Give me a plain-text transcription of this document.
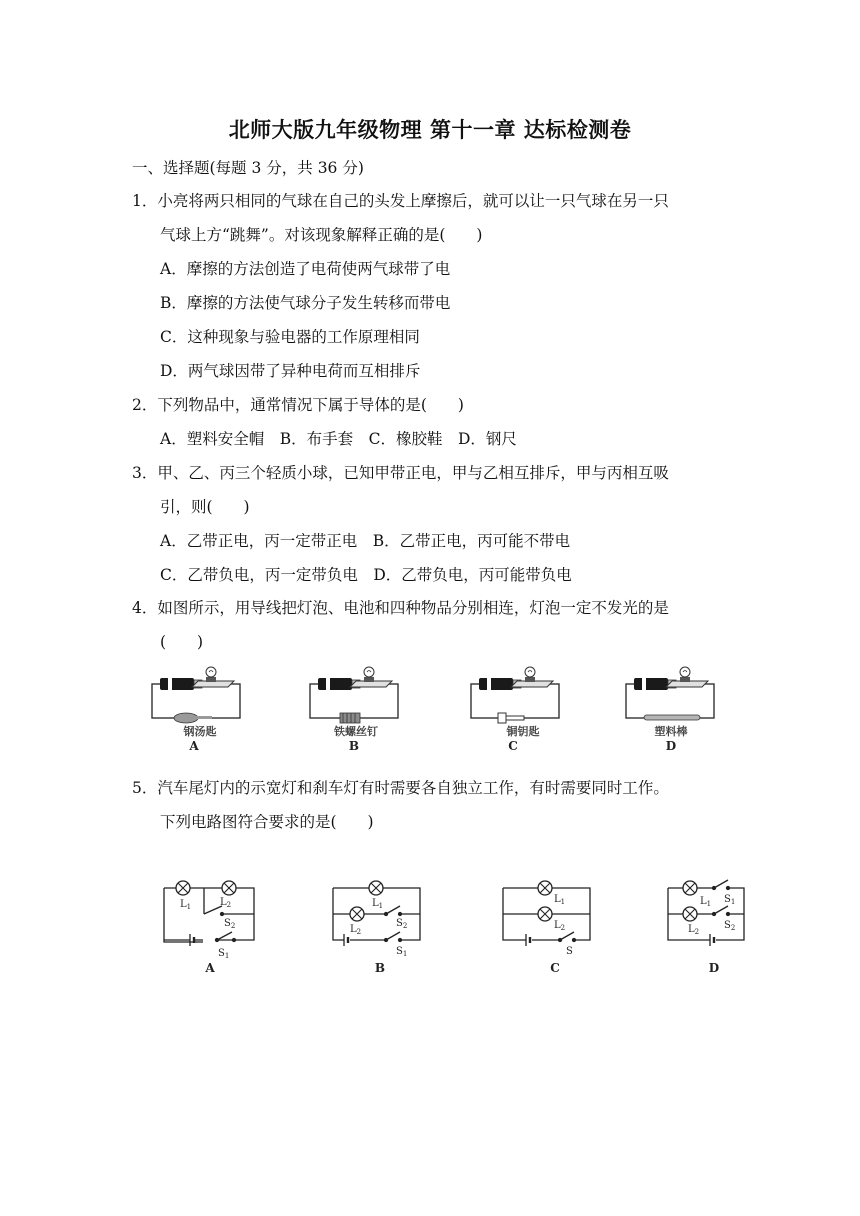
北师大版九年级物理 第十一章 达标检测卷
一、选择题(每题 3 分，共 36 分)
1．小亮将两只相同的气球在自己的头发上摩擦后，就可以让一只气球在另一只
气球上方“跳舞”。对该现象解释正确的是(　　)
A．摩擦的方法创造了电荷使两气球带了电
B．摩擦的方法使气球分子发生转移而带电
C．这种现象与验电器的工作原理相同
D．两气球因带了异种电荷而互相排斥
2．下列物品中，通常情况下属于导体的是(　　)
A．塑料安全帽　B．布手套　C．橡胶鞋　D．钢尺
3．甲、乙、丙三个轻质小球，已知甲带正电，甲与乙相互排斥，甲与丙相互吸
引，则(　　)
A．乙带正电，丙一定带正电　B．乙带正电，丙可能不带电
C．乙带负电，丙一定带负电　D．乙带负电，丙可能带负电
4．如图所示，用导线把灯泡、电池和四种物品分别相连，灯泡一定不发光的是
(　　)
钢汤匙
A
铁螺丝钉
B
铜钥匙
C
塑料棒
D
5．汽车尾灯内的示宽灯和刹车灯有时需要各自独立工作，有时需要同时工作。
下列电路图符合要求的是(　　)
$L_1$	$L_2$
$S_2$
$S_1$
A
$L_1$
$L_2$
$S_2$
$S_1$
B
$L_1$
$L_2$
S
C
$L_1$ $S_1$
$L_2$
$S_2$
D
